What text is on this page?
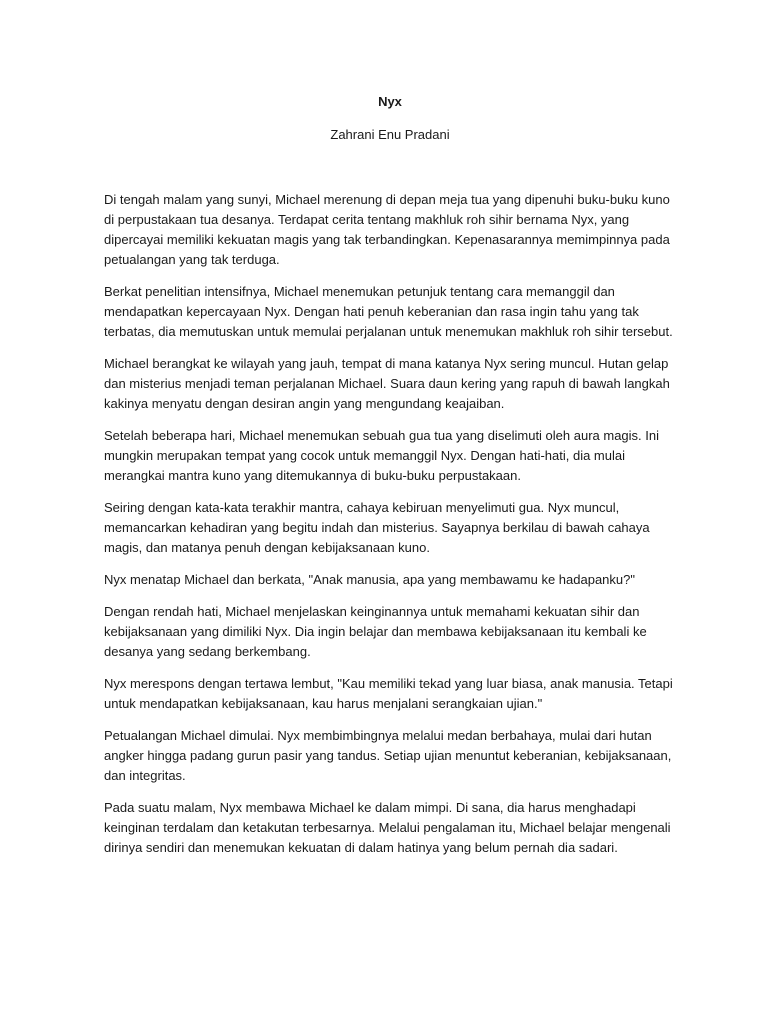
Nyx
Zahrani Enu Pradani

Di tengah malam yang sunyi, Michael merenung di depan meja tua yang dipenuhi buku-buku kuno di perpustakaan tua desanya. Terdapat cerita tentang makhluk roh sihir bernama Nyx, yang dipercayai memiliki kekuatan magis yang tak terbandingkan. Kepenasarannya memimpinnya pada petualangan yang tak terduga.

Berkat penelitian intensifnya, Michael menemukan petunjuk tentang cara memanggil dan mendapatkan kepercayaan Nyx. Dengan hati penuh keberanian dan rasa ingin tahu yang tak terbatas, dia memutuskan untuk memulai perjalanan untuk menemukan makhluk roh sihir tersebut.

Michael berangkat ke wilayah yang jauh, tempat di mana katanya Nyx sering muncul. Hutan gelap dan misterius menjadi teman perjalanan Michael. Suara daun kering yang rapuh di bawah langkah kakinya menyatu dengan desiran angin yang mengundang keajaiban.

Setelah beberapa hari, Michael menemukan sebuah gua tua yang diselimuti oleh aura magis. Ini mungkin merupakan tempat yang cocok untuk memanggil Nyx. Dengan hati-hati, dia mulai merangkai mantra kuno yang ditemukannya di buku-buku perpustakaan.

Seiring dengan kata-kata terakhir mantra, cahaya kebiruan menyelimuti gua. Nyx muncul, memancarkan kehadiran yang begitu indah dan misterius. Sayapnya berkilau di bawah cahaya magis, dan matanya penuh dengan kebijaksanaan kuno.

Nyx menatap Michael dan berkata, "Anak manusia, apa yang membawamu ke hadapanku?"

Dengan rendah hati, Michael menjelaskan keinginannya untuk memahami kekuatan sihir dan kebijaksanaan yang dimiliki Nyx. Dia ingin belajar dan membawa kebijaksanaan itu kembali ke desanya yang sedang berkembang.

Nyx merespons dengan tertawa lembut, "Kau memiliki tekad yang luar biasa, anak manusia. Tetapi untuk mendapatkan kebijaksanaan, kau harus menjalani serangkaian ujian."

Petualangan Michael dimulai. Nyx membimbingnya melalui medan berbahaya, mulai dari hutan angker hingga padang gurun pasir yang tandus. Setiap ujian menuntut keberanian, kebijaksanaan, dan integritas.

Pada suatu malam, Nyx membawa Michael ke dalam mimpi. Di sana, dia harus menghadapi keinginan terdalam dan ketakutan terbesarnya. Melalui pengalaman itu, Michael belajar mengenali dirinya sendiri dan menemukan kekuatan di dalam hatinya yang belum pernah dia sadari.
